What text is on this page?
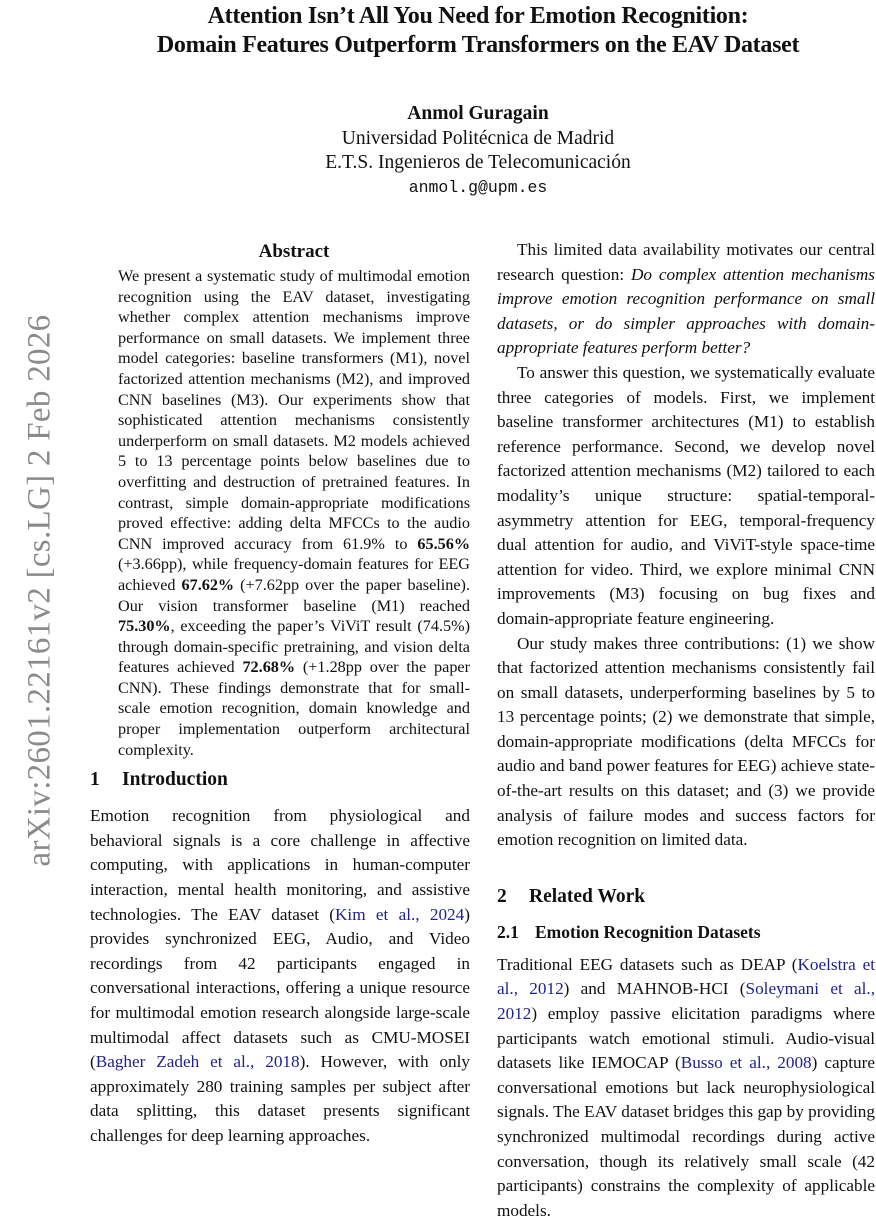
arXiv:2601.22161v2 [cs.LG] 2 Feb 2026
Attention Isn’t All You Need for Emotion Recognition:
Domain Features Outperform Transformers on the EAV Dataset
Anmol Guragain
Universidad Politécnica de Madrid
E.T.S. Ingenieros de Telecomunicación
anmol.g@upm.es
Abstract

We present a systematic study of multimodal emotion recognition using the EAV dataset, investigating whether complex attention mechanisms improve performance on small datasets. We implement three model categories: baseline transformers (M1), novel factorized attention mechanisms (M2), and improved CNN baselines (M3). Our experiments show that sophisticated attention mechanisms consistently underperform on small datasets. M2 models achieved 5 to 13 percentage points below baselines due to overfitting and destruction of pretrained features. In contrast, simple domain-appropriate modifications proved effective: adding delta MFCCs to the audio CNN improved accuracy from 61.9% to 65.56% (+3.66pp), while frequency-domain features for EEG achieved 67.62% (+7.62pp over the paper baseline). Our vision transformer baseline (M1) reached 75.30%, exceeding the paper’s ViViT result (74.5%) through domain-specific pretraining, and vision delta features achieved 72.68% (+1.28pp over the paper CNN). These findings demonstrate that for small-scale emotion recognition, domain knowledge and proper implementation outperform architectural complexity.

1 Introduction

Emotion recognition from physiological and behavioral signals is a core challenge in affective computing, with applications in human-computer interaction, mental health monitoring, and assistive technologies. The EAV dataset (Kim et al., 2024) provides synchronized EEG, Audio, and Video recordings from 42 participants engaged in conversational interactions, offering a unique resource for multimodal emotion research alongside large-scale multimodal affect datasets such as CMU-MOSEI (Bagher Zadeh et al., 2018). However, with only approximately 280 training samples per subject after data splitting, this dataset presents significant challenges for deep learning approaches.

This limited data availability motivates our central research question: Do complex attention mechanisms improve emotion recognition performance on small datasets, or do simpler approaches with domain-appropriate features perform better?

To answer this question, we systematically evaluate three categories of models. First, we implement baseline transformer architectures (M1) to establish reference performance. Second, we develop novel factorized attention mechanisms (M2) tailored to each modality’s unique structure: spatial-temporal-asymmetry attention for EEG, temporal-frequency dual attention for audio, and ViViT-style space-time attention for video. Third, we explore minimal CNN improvements (M3) focusing on bug fixes and domain-appropriate feature engineering.

Our study makes three contributions: (1) we show that factorized attention mechanisms consistently fail on small datasets, underperforming baselines by 5 to 13 percentage points; (2) we demonstrate that simple, domain-appropriate modifications (delta MFCCs for audio and band power features for EEG) achieve state-of-the-art results on this dataset; and (3) we provide analysis of failure modes and success factors for emotion recognition on limited data.

2 Related Work
2.1 Emotion Recognition Datasets

Traditional EEG datasets such as DEAP (Koelstra et al., 2012) and MAHNOB-HCI (Soleymani et al., 2012) employ passive elicitation paradigms where participants watch emotional stimuli. Audio-visual datasets like IEMOCAP (Busso et al., 2008) capture conversational emotions but lack neurophysiological signals. The EAV dataset bridges this gap by providing synchronized multimodal recordings during active conversation, though its relatively small scale (42 participants) constrains the complexity of applicable models.
